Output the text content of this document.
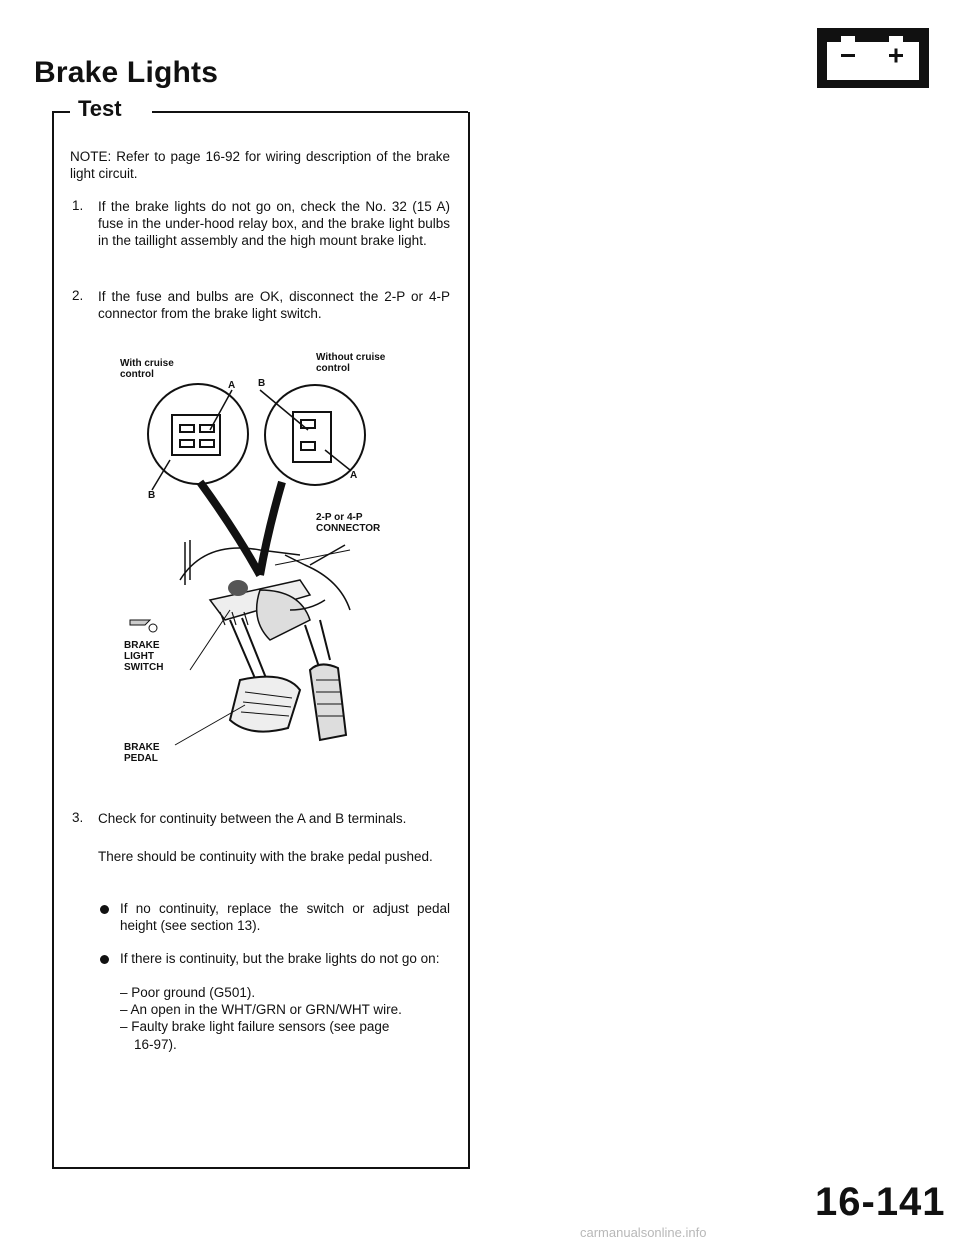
Brake Lights
Test
NOTE: Refer to page 16-92 for wiring description of the brake light circuit.
1. If the brake lights do not go on, check the No. 32 (15 A) fuse in the under-hood relay box, and the brake light bulbs in the taillight assembly and the high mount brake light.
2. If the fuse and bulbs are OK, disconnect the 2-P or 4-P connector from the brake light switch.
With cruise
control
Without cruise
control
A B
B
A
2-P or 4-P
CONNECTOR
BRAKE
LIGHT
SWITCH
BRAKE
PEDAL
3. Check for continuity between the A and B terminals.
There should be continuity with the brake pedal pushed.
If no continuity, replace the switch or adjust pedal height (see section 13).
If there is continuity, but the brake lights do not go on:
– Poor ground (G501).
– An open in the WHT/GRN or GRN/WHT wire.
– Faulty brake light failure sensors (see page
16-97).
16-141
carmanualsonline.info
